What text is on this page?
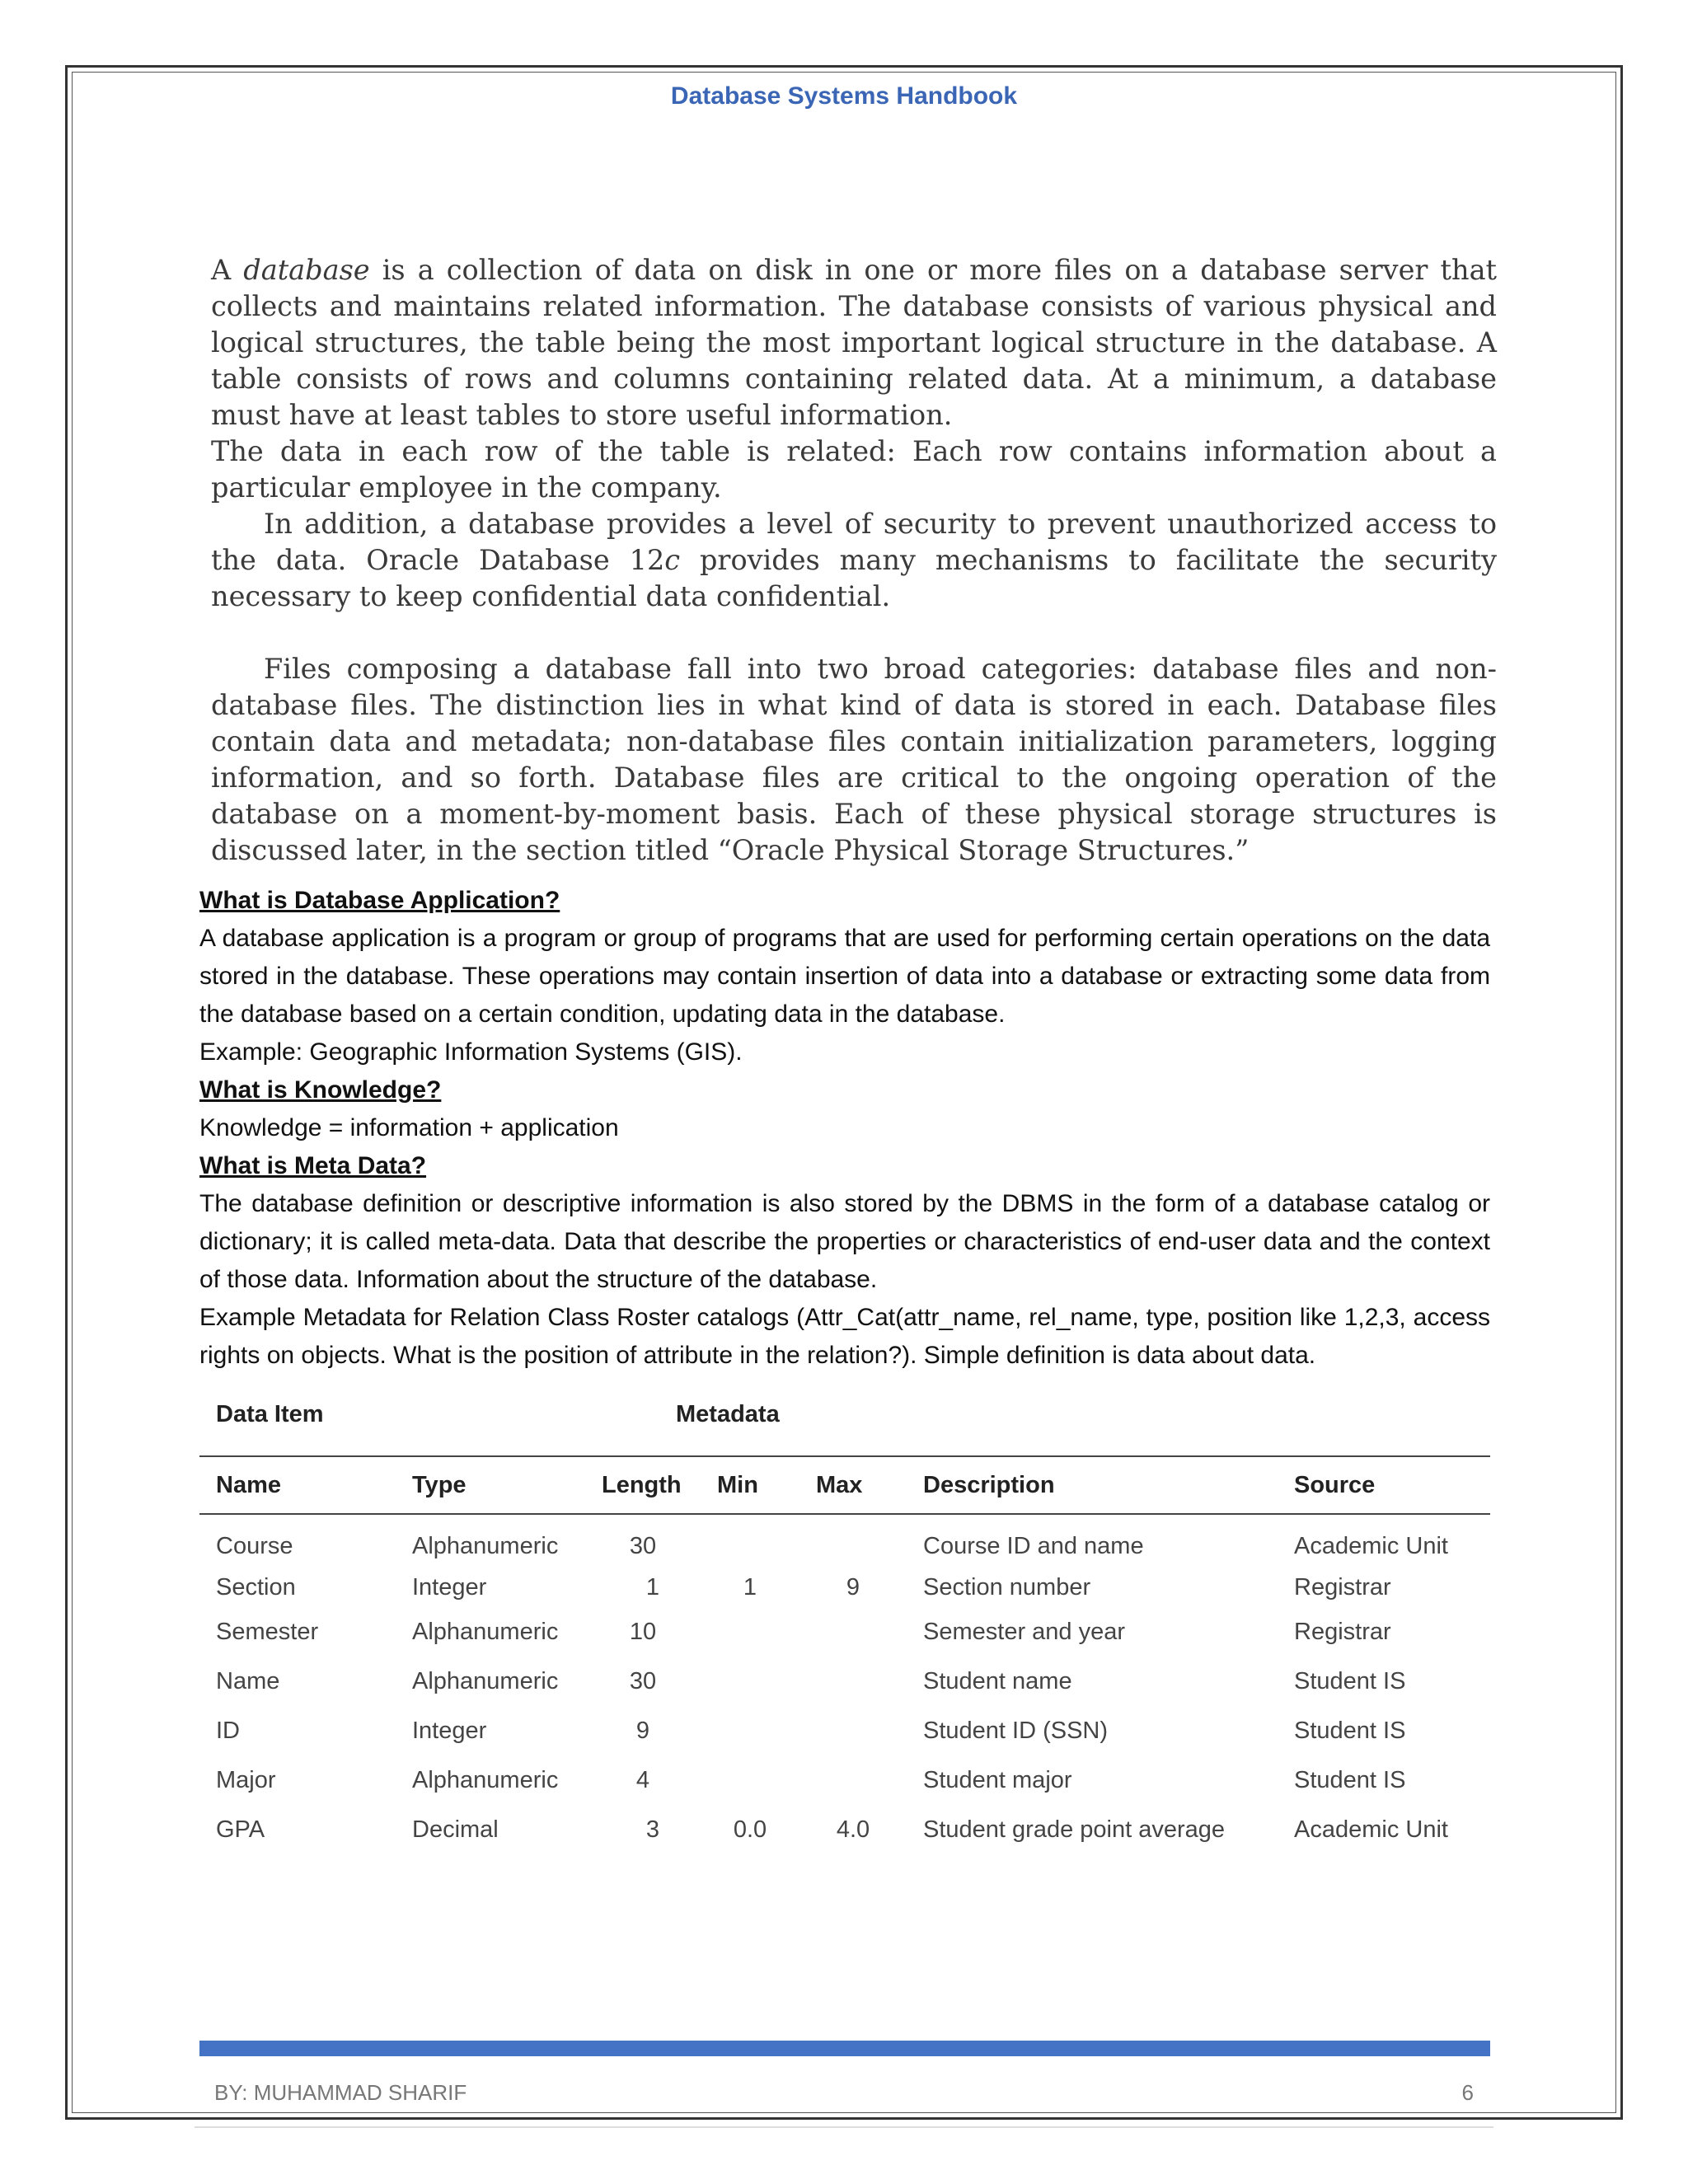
Database Systems Handbook

A database is a collection of data on disk in one or more files on a database server that collects and maintains related information. The database consists of various physical and logical structures, the table being the most important logical structure in the database. A table consists of rows and columns containing related data. At a minimum, a database must have at least tables to store useful information.

The data in each row of the table is related: Each row contains information about a particular employee in the company.

In addition, a database provides a level of security to prevent unauthorized access to the data. Oracle Database 12c provides many mechanisms to facilitate the security necessary to keep confidential data confidential.

Files composing a database fall into two broad categories: database files and non-database files. The distinction lies in what kind of data is stored in each. Database files contain data and metadata; non-database files contain initialization parameters, logging information, and so forth. Database files are critical to the ongoing operation of the database on a moment-by-moment basis. Each of these physical storage structures is discussed later, in the section titled “Oracle Physical Storage Structures.”

What is Database Application?

A database application is a program or group of programs that are used for performing certain operations on the data stored in the database. These operations may contain insertion of data into a database or extracting some data from the database based on a certain condition, updating data in the database.

Example: Geographic Information Systems (GIS).

What is Knowledge?

Knowledge = information + application

What is Meta Data?

The database definition or descriptive information is also stored by the DBMS in the form of a database catalog or dictionary; it is called meta-data. Data that describe the properties or characteristics of end-user data and the context of those data. Information about the structure of the database.

Example Metadata for Relation Class Roster catalogs (Attr_Cat(attr_name, rel_name, type, position like 1,2,3, access rights on objects. What is the position of attribute in the relation?). Simple definition is data about data.

Data Item		Metadata				
Name	Type	Length	Min	Max	Description	Source
Course	Alphanumeric	30			Course ID and name	Academic Unit
Section	Integer	1	1	9	Section number	Registrar
Semester	Alphanumeric	10			Semester and year	Registrar
Name	Alphanumeric	30			Student name	Student IS
ID	Integer	9			Student ID (SSN)	Student IS
Major	Alphanumeric	4			Student major	Student IS
GPA	Decimal	3	0.0	4.0	Student grade point average	Academic Unit
BY: MUHAMMAD SHARIF	6
